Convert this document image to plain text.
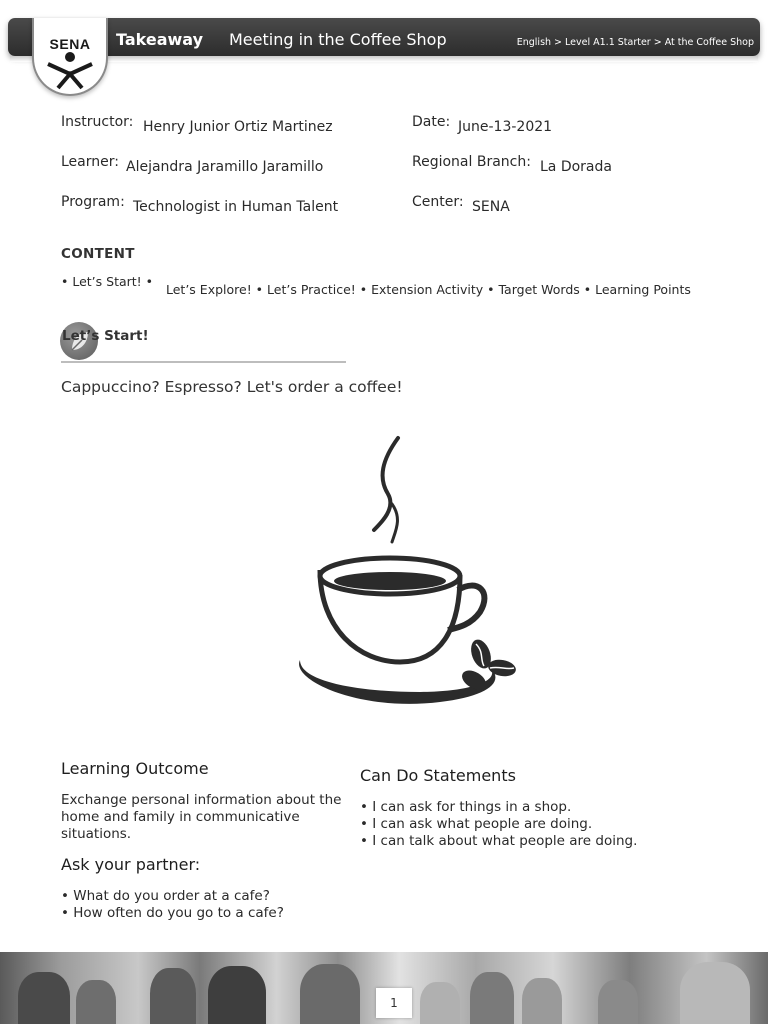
SENA	Takeaway Meeting in the Coffee Shop	English > Level A1.1 Starter > At the Coffee Shop
Instructor: Henry Junior Ortiz Martinez
Learner: Alejandra Jaramillo Jaramillo
Program: Technologist in Human Talent
Date: June-13-2021
Regional Branch: La Dorada
Center: SENA
CONTENT
• Let’s Start! •
Let’s Explore! • Let’s Practice! • Extension Activity • Target Words • Learning Points
Let’s Start!
Cappuccino? Espresso? Let's order a coffee!
Learning Outcome
Exchange personal information about the home and family in communicative situations.
Ask your partner:
• What do you order at a cafe?
• How often do you go to a cafe?
Can Do Statements
• I can ask for things in a shop.
• I can ask what people are doing.
• I can talk about what people are doing.
1
